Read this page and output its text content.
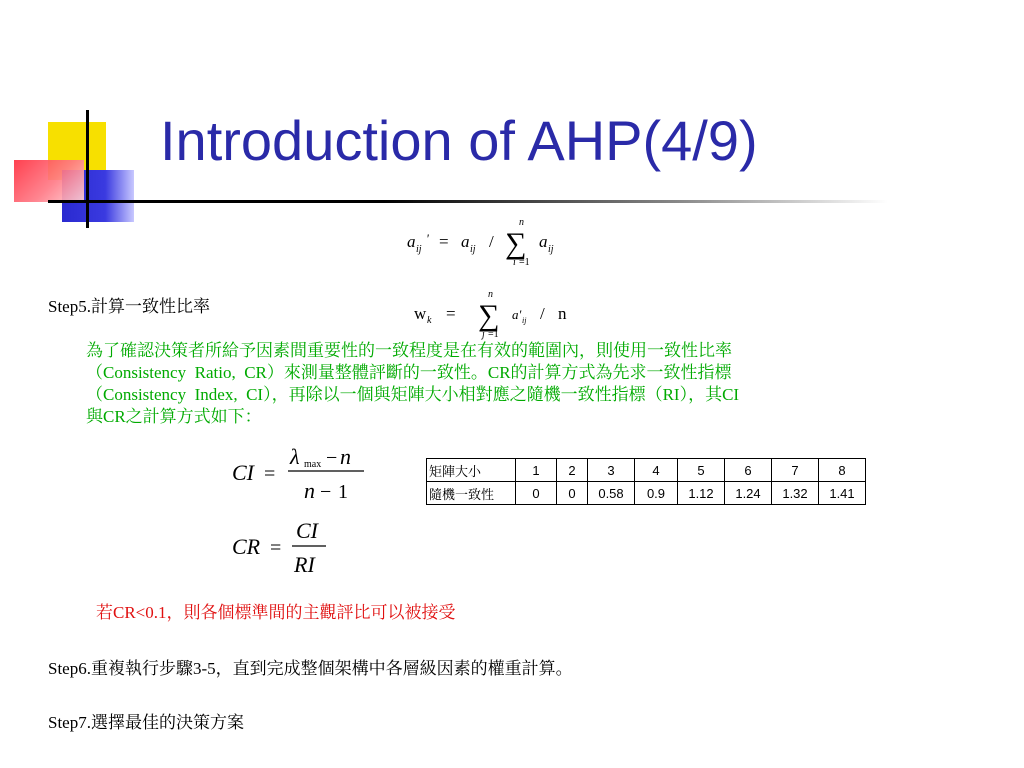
Introduction of AHP(4/9)
a ij
' = a ij / ∑
n
i =1
a ij
Step5.計算一致性比率	w k = ∑
n
j =1
a' ij / n
為了確認決策者所給予因素間重要性的一致程度是在有效的範圍內，則使用一致性比率
（Consistency  Ratio,  CR）來測量整體評斷的一致性。CR的計算方式為先求一致性指標
（Consistency  Index,  CI），再除以一個與矩陣大小相對應之隨機一致性指標（RI），其CI
與CR之計算方式如下：
CI =
λ max − n
n − 1
CR =
CI
RI
矩陣大小	1	2	3	4	5	6	7	8
隨機一致性	0	0	0.58	0.9	1.12	1.24	1.32	1.41
若CR<0.1，則各個標準間的主觀評比可以被接受
Step6.重複執行步驟3-5，直到完成整個架構中各層級因素的權重計算。
Step7.選擇最佳的決策方案
